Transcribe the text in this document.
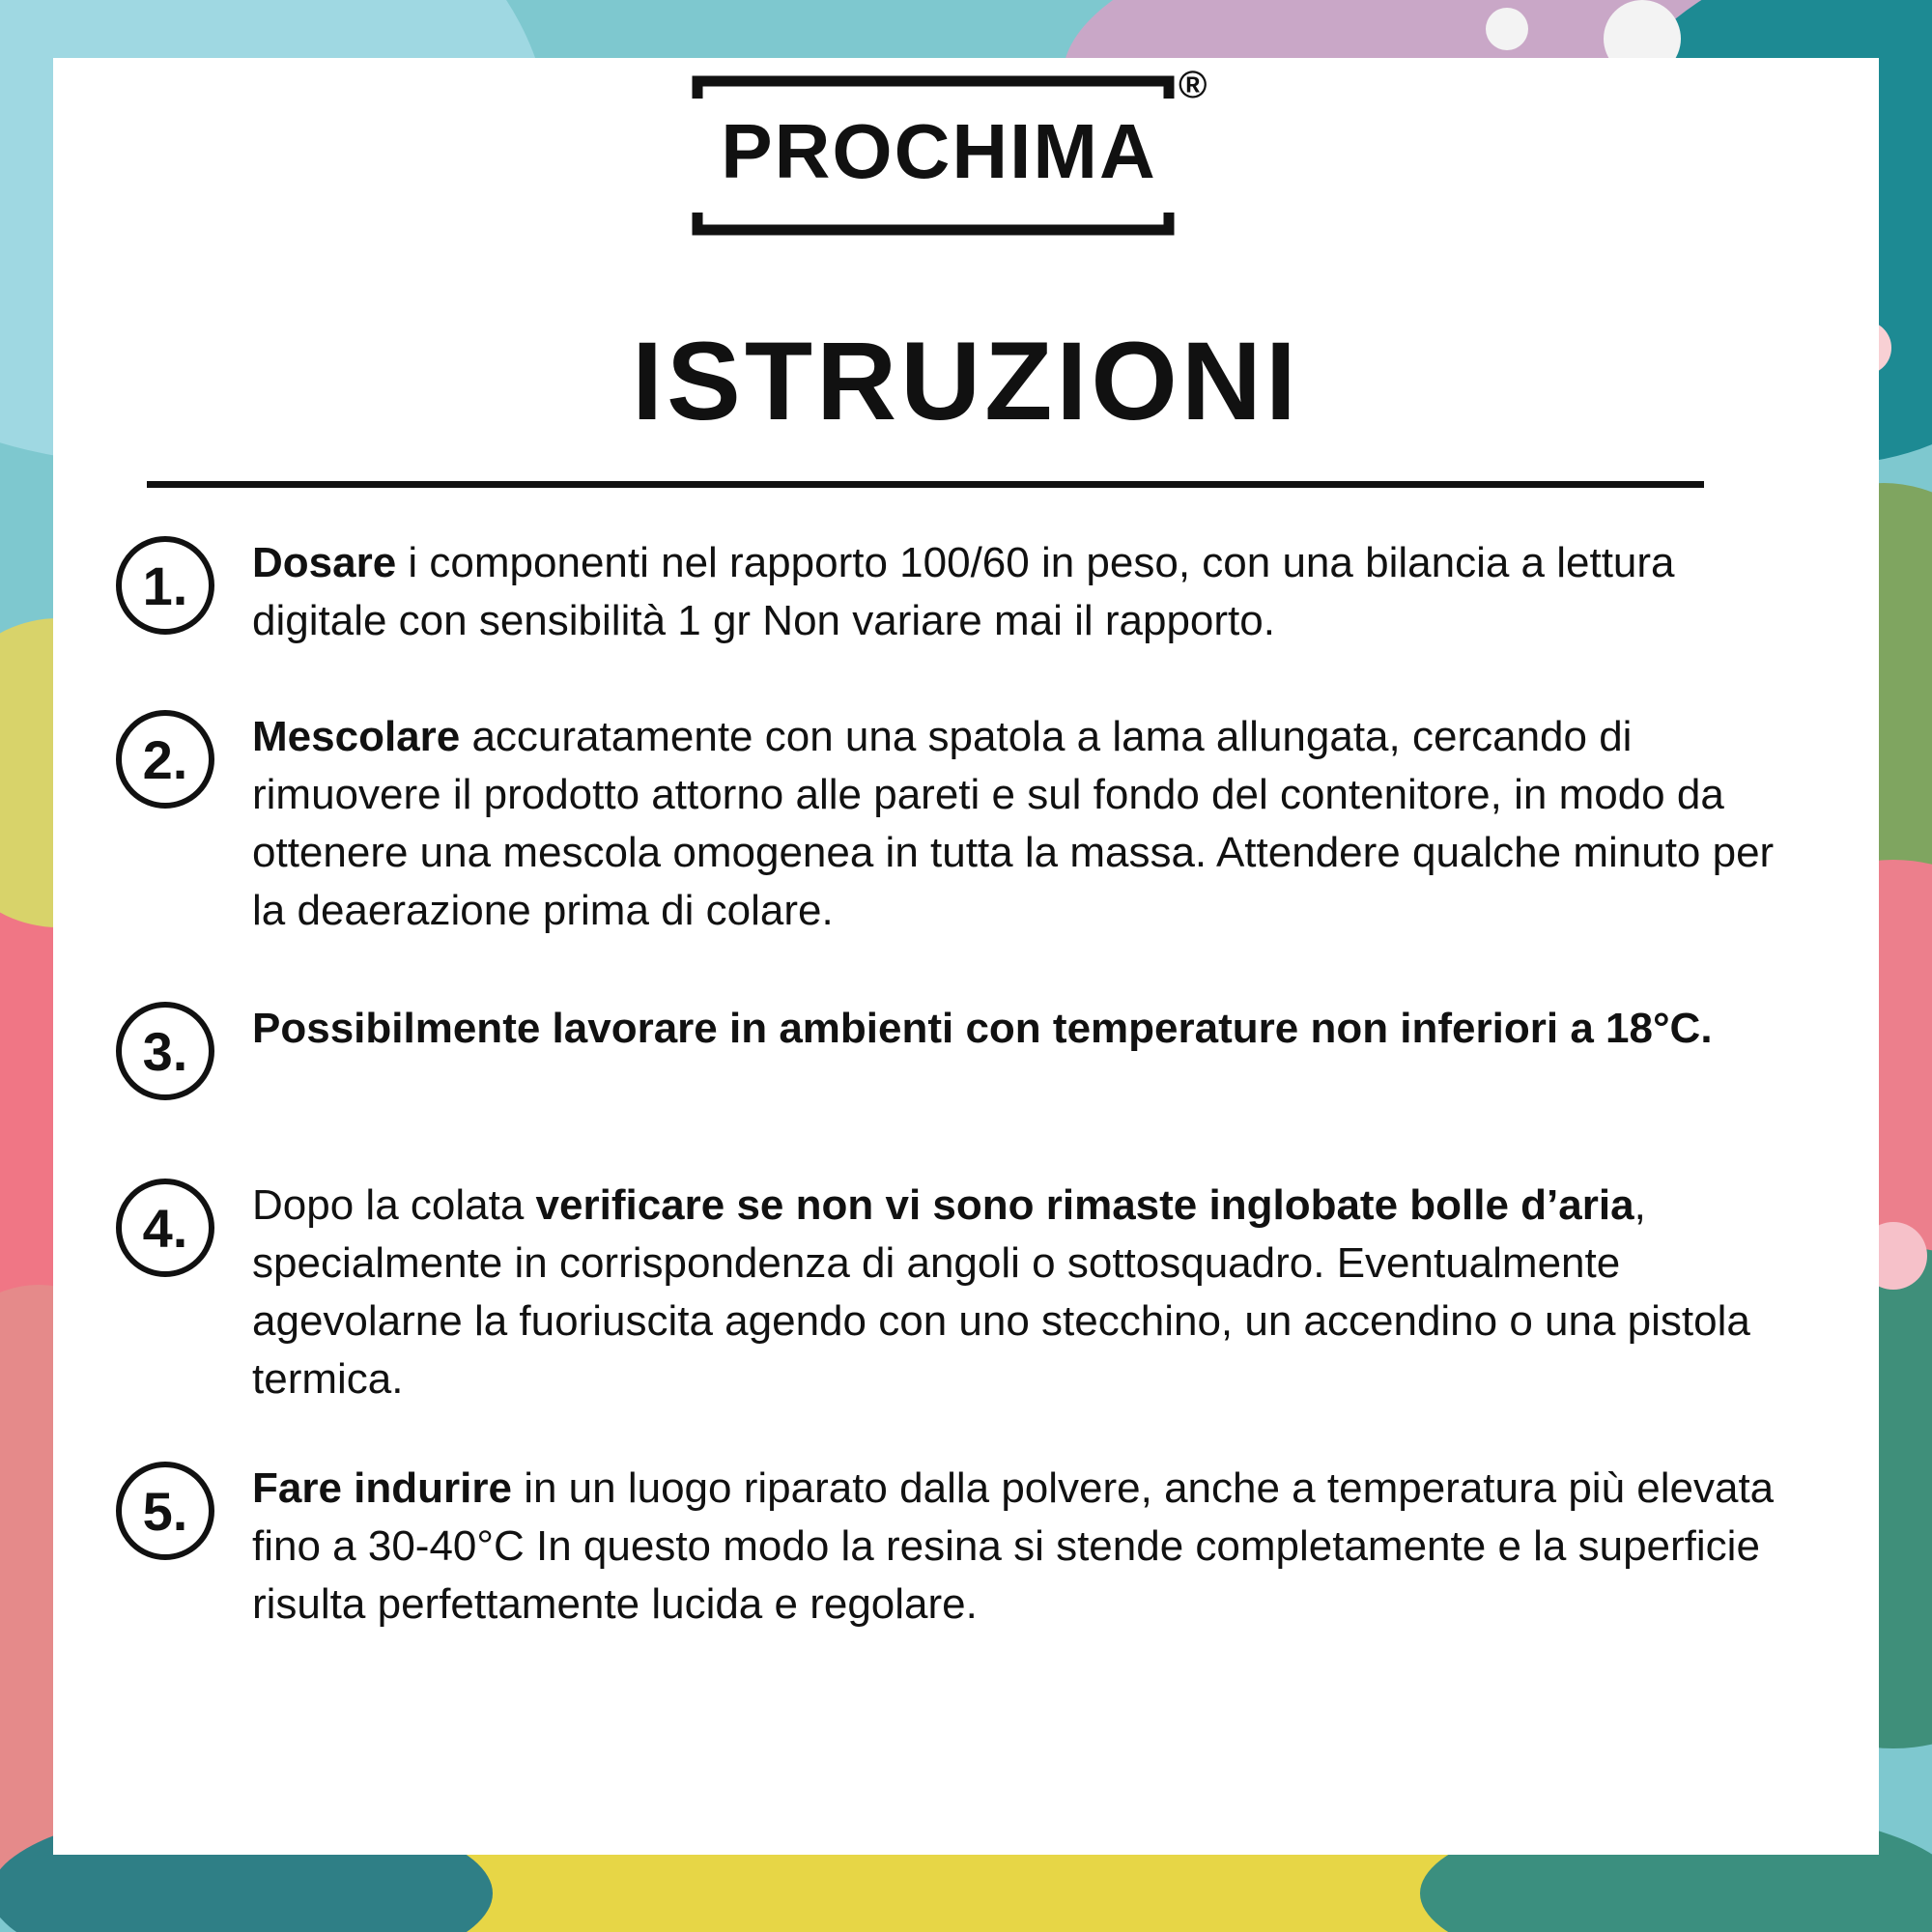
PROCHIMA
®
ISTRUZIONI
1.	Dosare i componenti nel rapporto 100/60 in peso, con una bilancia a lettura digitale con sensibilità 1 gr Non variare mai il rapporto.

2.	Mescolare accuratamente con una spatola a lama allungata, cercando di rimuovere il prodotto attorno alle pareti e sul fondo del contenitore, in modo da ottenere una mescola omogenea in tutta la massa. Attendere qualche minuto per la deaerazione prima di colare.

3.	Possibilmente lavorare in ambienti con temperature non inferiori a 18°C.

4.	Dopo la colata verificare se non vi sono rimaste inglobate bolle d’aria, specialmente in corrispondenza di angoli o sottosquadro. Eventualmente agevolarne la fuoriuscita agendo con uno stecchino, un accendino o una pistola termica.

5.	Fare indurire in un luogo riparato dalla polvere, anche a temperatura più elevata fino a 30-40°C In questo modo la resina si stende completamente e la superficie risulta perfettamente lucida e regolare.
